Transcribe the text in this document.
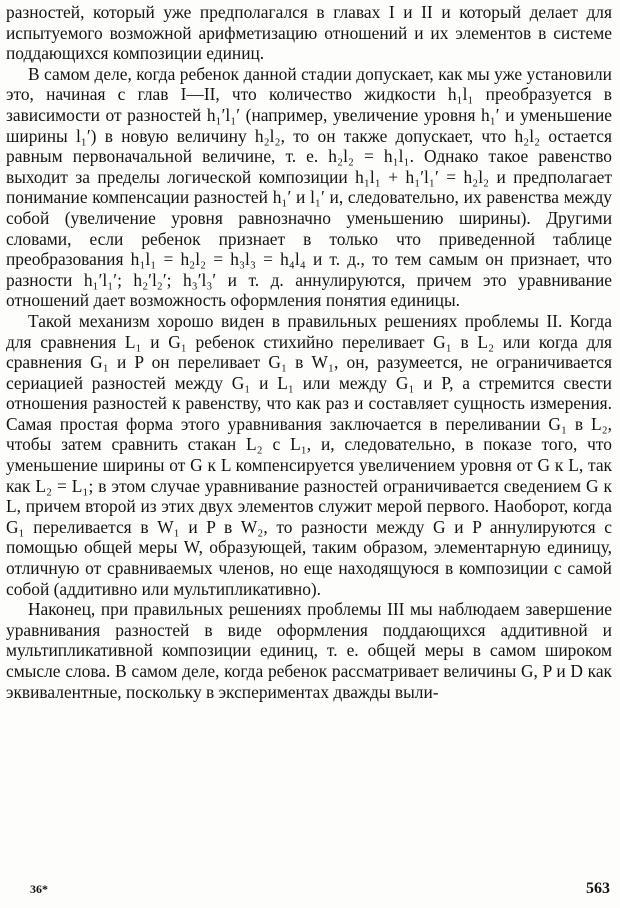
разностей, который уже предполагался в главах I и II и который делает для испытуемого возможной арифметизацию отношений и их элементов в системе поддающихся композиции единиц.

В самом деле, когда ребенок данной стадии допускает, как мы уже установили это, начиная с глав I—II, что количество жидкости h₁l₁ преобразуется в зависимости от разностей h₁′l₁′ (например, увеличение уровня h₁′ и уменьшение ширины l₁′) в новую величину h₂l₂, то он также допускает, что h₂l₂ остается равным первоначальной величине, т. е. h₂l₂ = h₁l₁. Однако такое равенство выходит за пределы логической композиции h₁l₁ + h₁′l₁′ = h₂l₂ и предполагает понимание компенсации разностей h₁′ и l₁′ и, следовательно, их равенства между собой (увеличение уровня равнозначно уменьшению ширины). Другими словами, если ребенок признает в только что приведенной таблице преобразования h₁l₁ = h₂l₂ = h₃l₃ = h₄l₄ и т. д., то тем самым он признает, что разности h₁′l₁′; h₂′l₂′; h₃′l₃′ и т. д. аннулируются, причем это уравнивание отношений дает возможность оформления понятия единицы.

Такой механизм хорошо виден в правильных решениях проблемы II. Когда для сравнения L₁ и G₁ ребенок стихийно переливает G₁ в L₂ или когда для сравнения G₁ и P он переливает G₁ в W₁, он, разумеется, не ограничивается сериацией разностей между G₁ и L₁ или между G₁ и P, а стремится свести отношения разностей к равенству, что как раз и составляет сущность измерения. Самая простая форма этого уравнивания заключается в переливании G₁ в L₂, чтобы затем сравнить стакан L₂ с L₁, и, следовательно, в показе того, что уменьшение ширины от G к L компенсируется увеличением уровня от G к L, так как L₂ = L₁; в этом случае уравнивание разностей ограничивается сведением G к L, причем второй из этих двух элементов служит мерой первого. Наоборот, когда G₁ переливается в W₁ и P в W₂, то разности между G и P аннулируются с помощью общей меры W, образующей, таким образом, элементарную единицу, отличную от сравниваемых членов, но еще находящуюся в композиции с самой собой (аддитивно или мультипликативно).

Наконец, при правильных решениях проблемы III мы наблюдаем завершение уравнивания разностей в виде оформления поддающихся аддитивной и мультипликативной композиции единиц, т. е. общей меры в самом широком смысле слова. В самом деле, когда ребенок рассматривает величины G, P и D как эквивалентные, поскольку в экспериментах дважды выли-

36*	563
